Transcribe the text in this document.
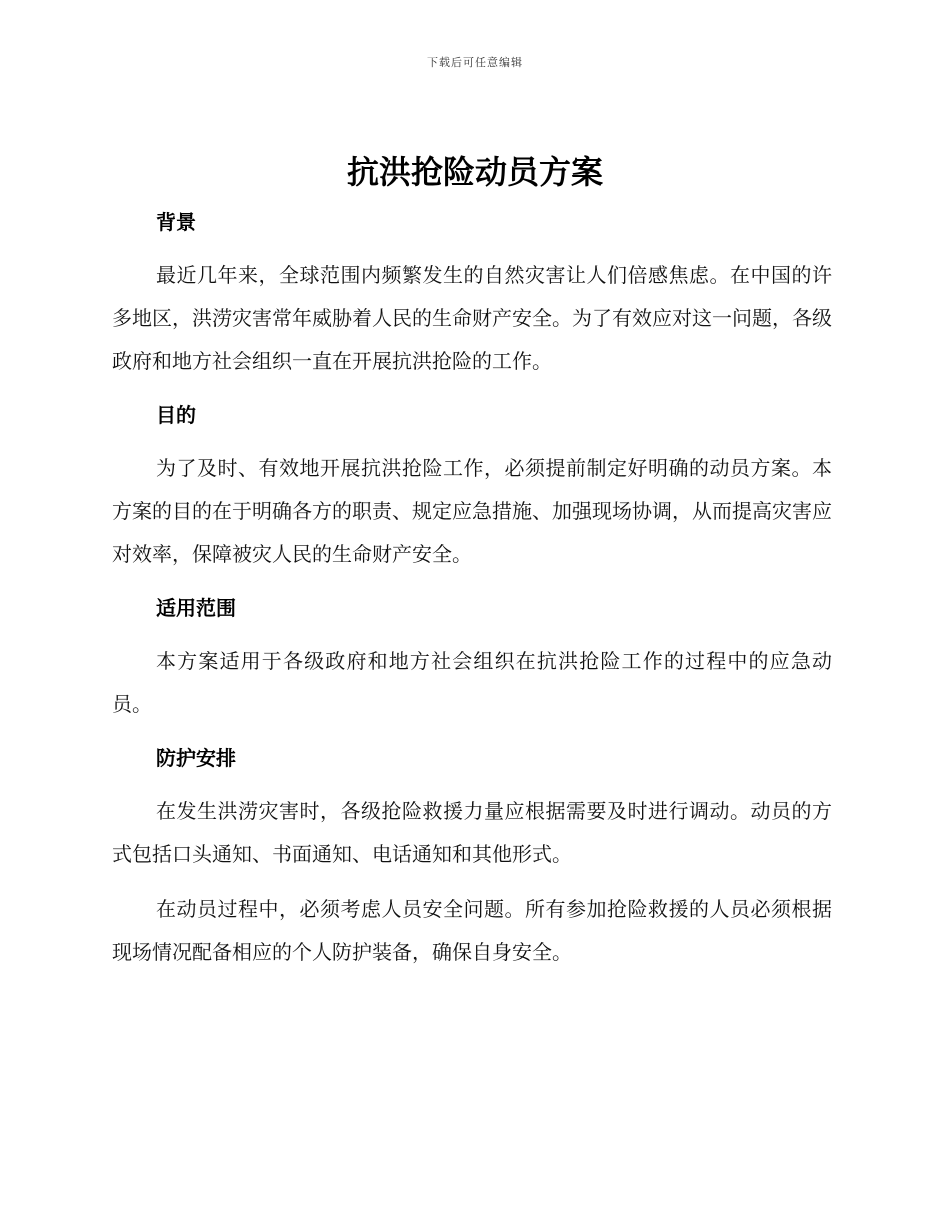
下载后可任意编辑
抗洪抢险动员方案
背景

最近几年来，全球范围内频繁发生的自然灾害让人们倍感焦虑。在中国的许多地区，洪涝灾害常年威胁着人民的生命财产安全。为了有效应对这一问题，各级政府和地方社会组织一直在开展抗洪抢险的工作。

目的

为了及时、有效地开展抗洪抢险工作，必须提前制定好明确的动员方案。本方案的目的在于明确各方的职责、规定应急措施、加强现场协调，从而提高灾害应对效率，保障被灾人民的生命财产安全。

适用范围

本方案适用于各级政府和地方社会组织在抗洪抢险工作的过程中的应急动员。

防护安排

在发生洪涝灾害时，各级抢险救援力量应根据需要及时进行调动。动员的方式包括口头通知、书面通知、电话通知和其他形式。

在动员过程中，必须考虑人员安全问题。所有参加抢险救援的人员必须根据现场情况配备相应的个人防护装备，确保自身安全。
